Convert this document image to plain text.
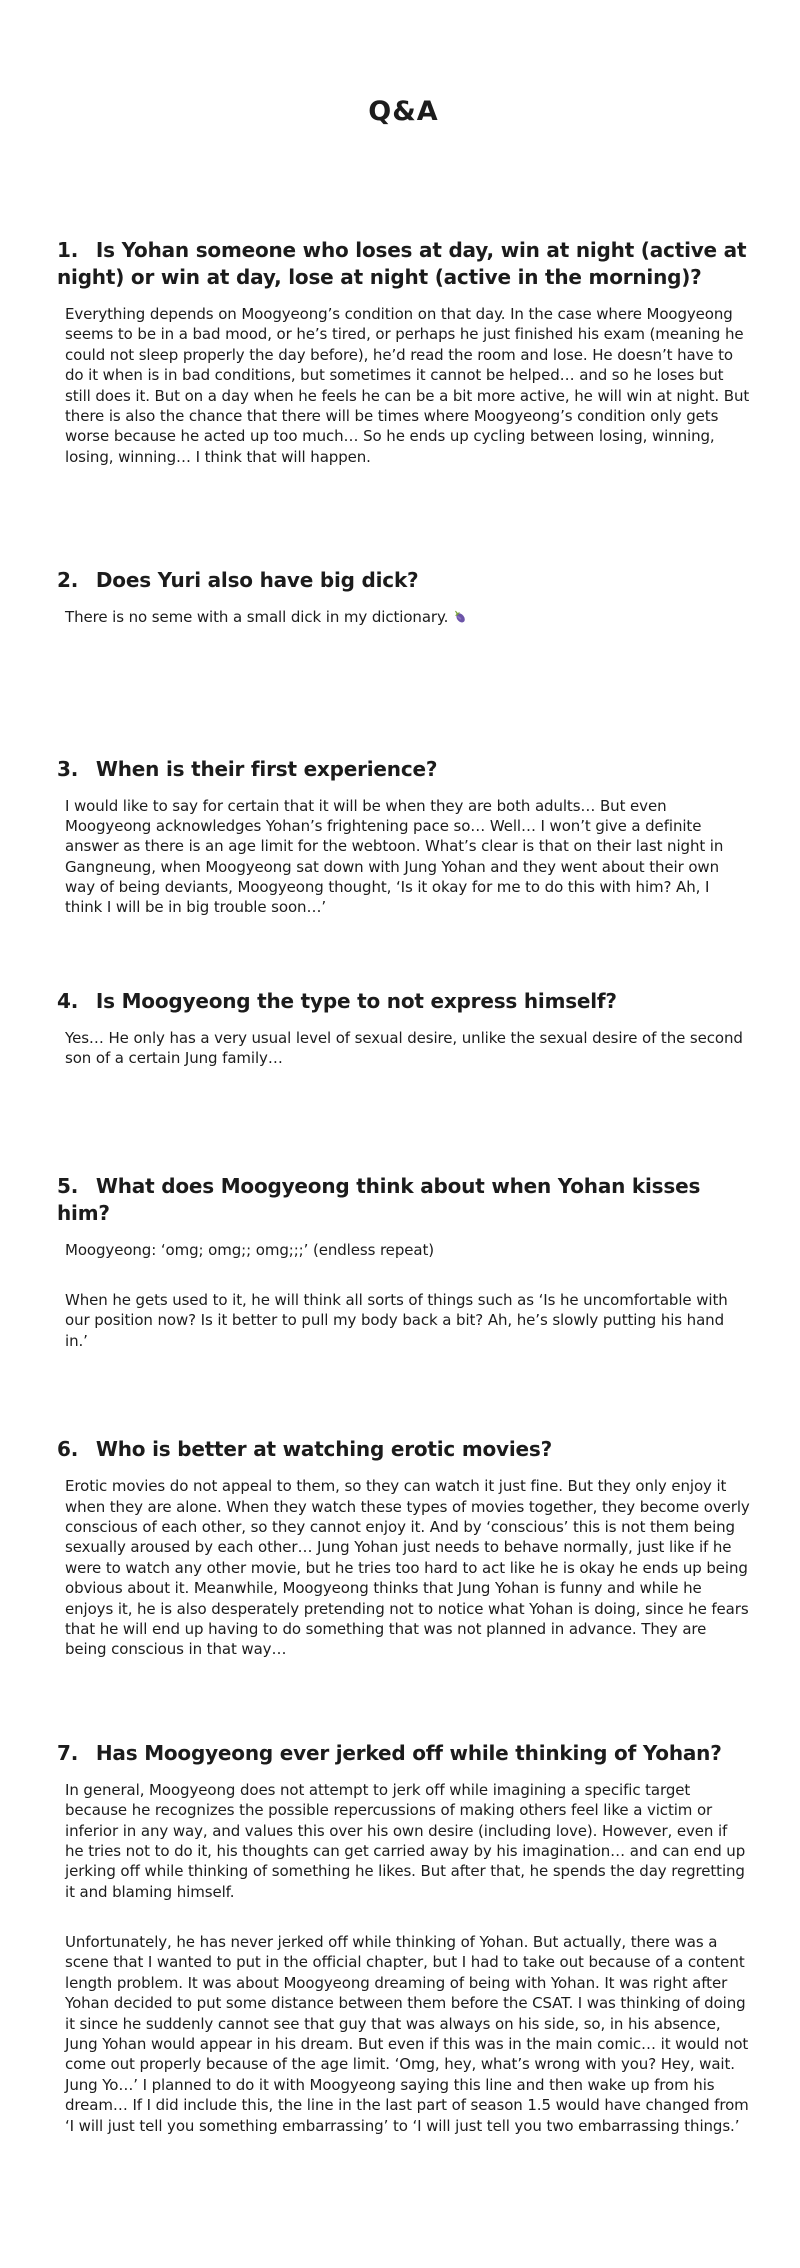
Q&A
1. Is Yohan someone who loses at day, win at night (active at night) or win at day, lose at night (active in the morning)?

Everything depends on Moogyeong’s condition on that day. In the case where Moogyeong seems to be in a bad mood, or he’s tired, or perhaps he just finished his exam (meaning he could not sleep properly the day before), he’d read the room and lose. He doesn’t have to do it when is in bad conditions, but sometimes it cannot be helped… and so he loses but still does it. But on a day when he feels he can be a bit more active, he will win at night. But there is also the chance that there will be times where Moogyeong’s condition only gets worse because he acted up too much… So he ends up cycling between losing, winning, losing, winning… I think that will happen.

2. Does Yuri also have big dick?

There is no seme with a small dick in my dictionary.

3. When is their first experience?

I would like to say for certain that it will be when they are both adults… But even Moogyeong acknowledges Yohan’s frightening pace so… Well… I won’t give a definite answer as there is an age limit for the webtoon. What’s clear is that on their last night in Gangneung, when Moogyeong sat down with Jung Yohan and they went about their own way of being deviants, Moogyeong thought, ‘Is it okay for me to do this with him? Ah, I think I will be in big trouble soon…’

4. Is Moogyeong the type to not express himself?

Yes… He only has a very usual level of sexual desire, unlike the sexual desire of the second son of a certain Jung family…

5. What does Moogyeong think about when Yohan kisses him?

Moogyeong: ‘omg; omg;; omg;;;’ (endless repeat)

When he gets used to it, he will think all sorts of things such as ‘Is he uncomfortable with our position now? Is it better to pull my body back a bit? Ah, he’s slowly putting his hand in.’

6. Who is better at watching erotic movies?

Erotic movies do not appeal to them, so they can watch it just fine. But they only enjoy it when they are alone. When they watch these types of movies together, they become overly conscious of each other, so they cannot enjoy it. And by ‘conscious’ this is not them being sexually aroused by each other… Jung Yohan just needs to behave normally, just like if he were to watch any other movie, but he tries too hard to act like he is okay he ends up being obvious about it. Meanwhile, Moogyeong thinks that Jung Yohan is funny and while he enjoys it, he is also desperately pretending not to notice what Yohan is doing, since he fears that he will end up having to do something that was not planned in advance. They are being conscious in that way…

7. Has Moogyeong ever jerked off while thinking of Yohan?

In general, Moogyeong does not attempt to jerk off while imagining a specific target because he recognizes the possible repercussions of making others feel like a victim or inferior in any way, and values this over his own desire (including love). However, even if he tries not to do it, his thoughts can get carried away by his imagination… and can end up jerking off while thinking of something he likes. But after that, he spends the day regretting it and blaming himself.

Unfortunately, he has never jerked off while thinking of Yohan. But actually, there was a scene that I wanted to put in the official chapter, but I had to take out because of a content length problem. It was about Moogyeong dreaming of being with Yohan. It was right after Yohan decided to put some distance between them before the CSAT. I was thinking of doing it since he suddenly cannot see that guy that was always on his side, so, in his absence, Jung Yohan would appear in his dream. But even if this was in the main comic… it would not come out properly because of the age limit. ‘Omg, hey, what’s wrong with you? Hey, wait. Jung Yo…’ I planned to do it with Moogyeong saying this line and then wake up from his dream… If I did include this, the line in the last part of season 1.5 would have changed from ‘I will just tell you something embarrassing’ to ‘I will just tell you two embarrassing things.’
